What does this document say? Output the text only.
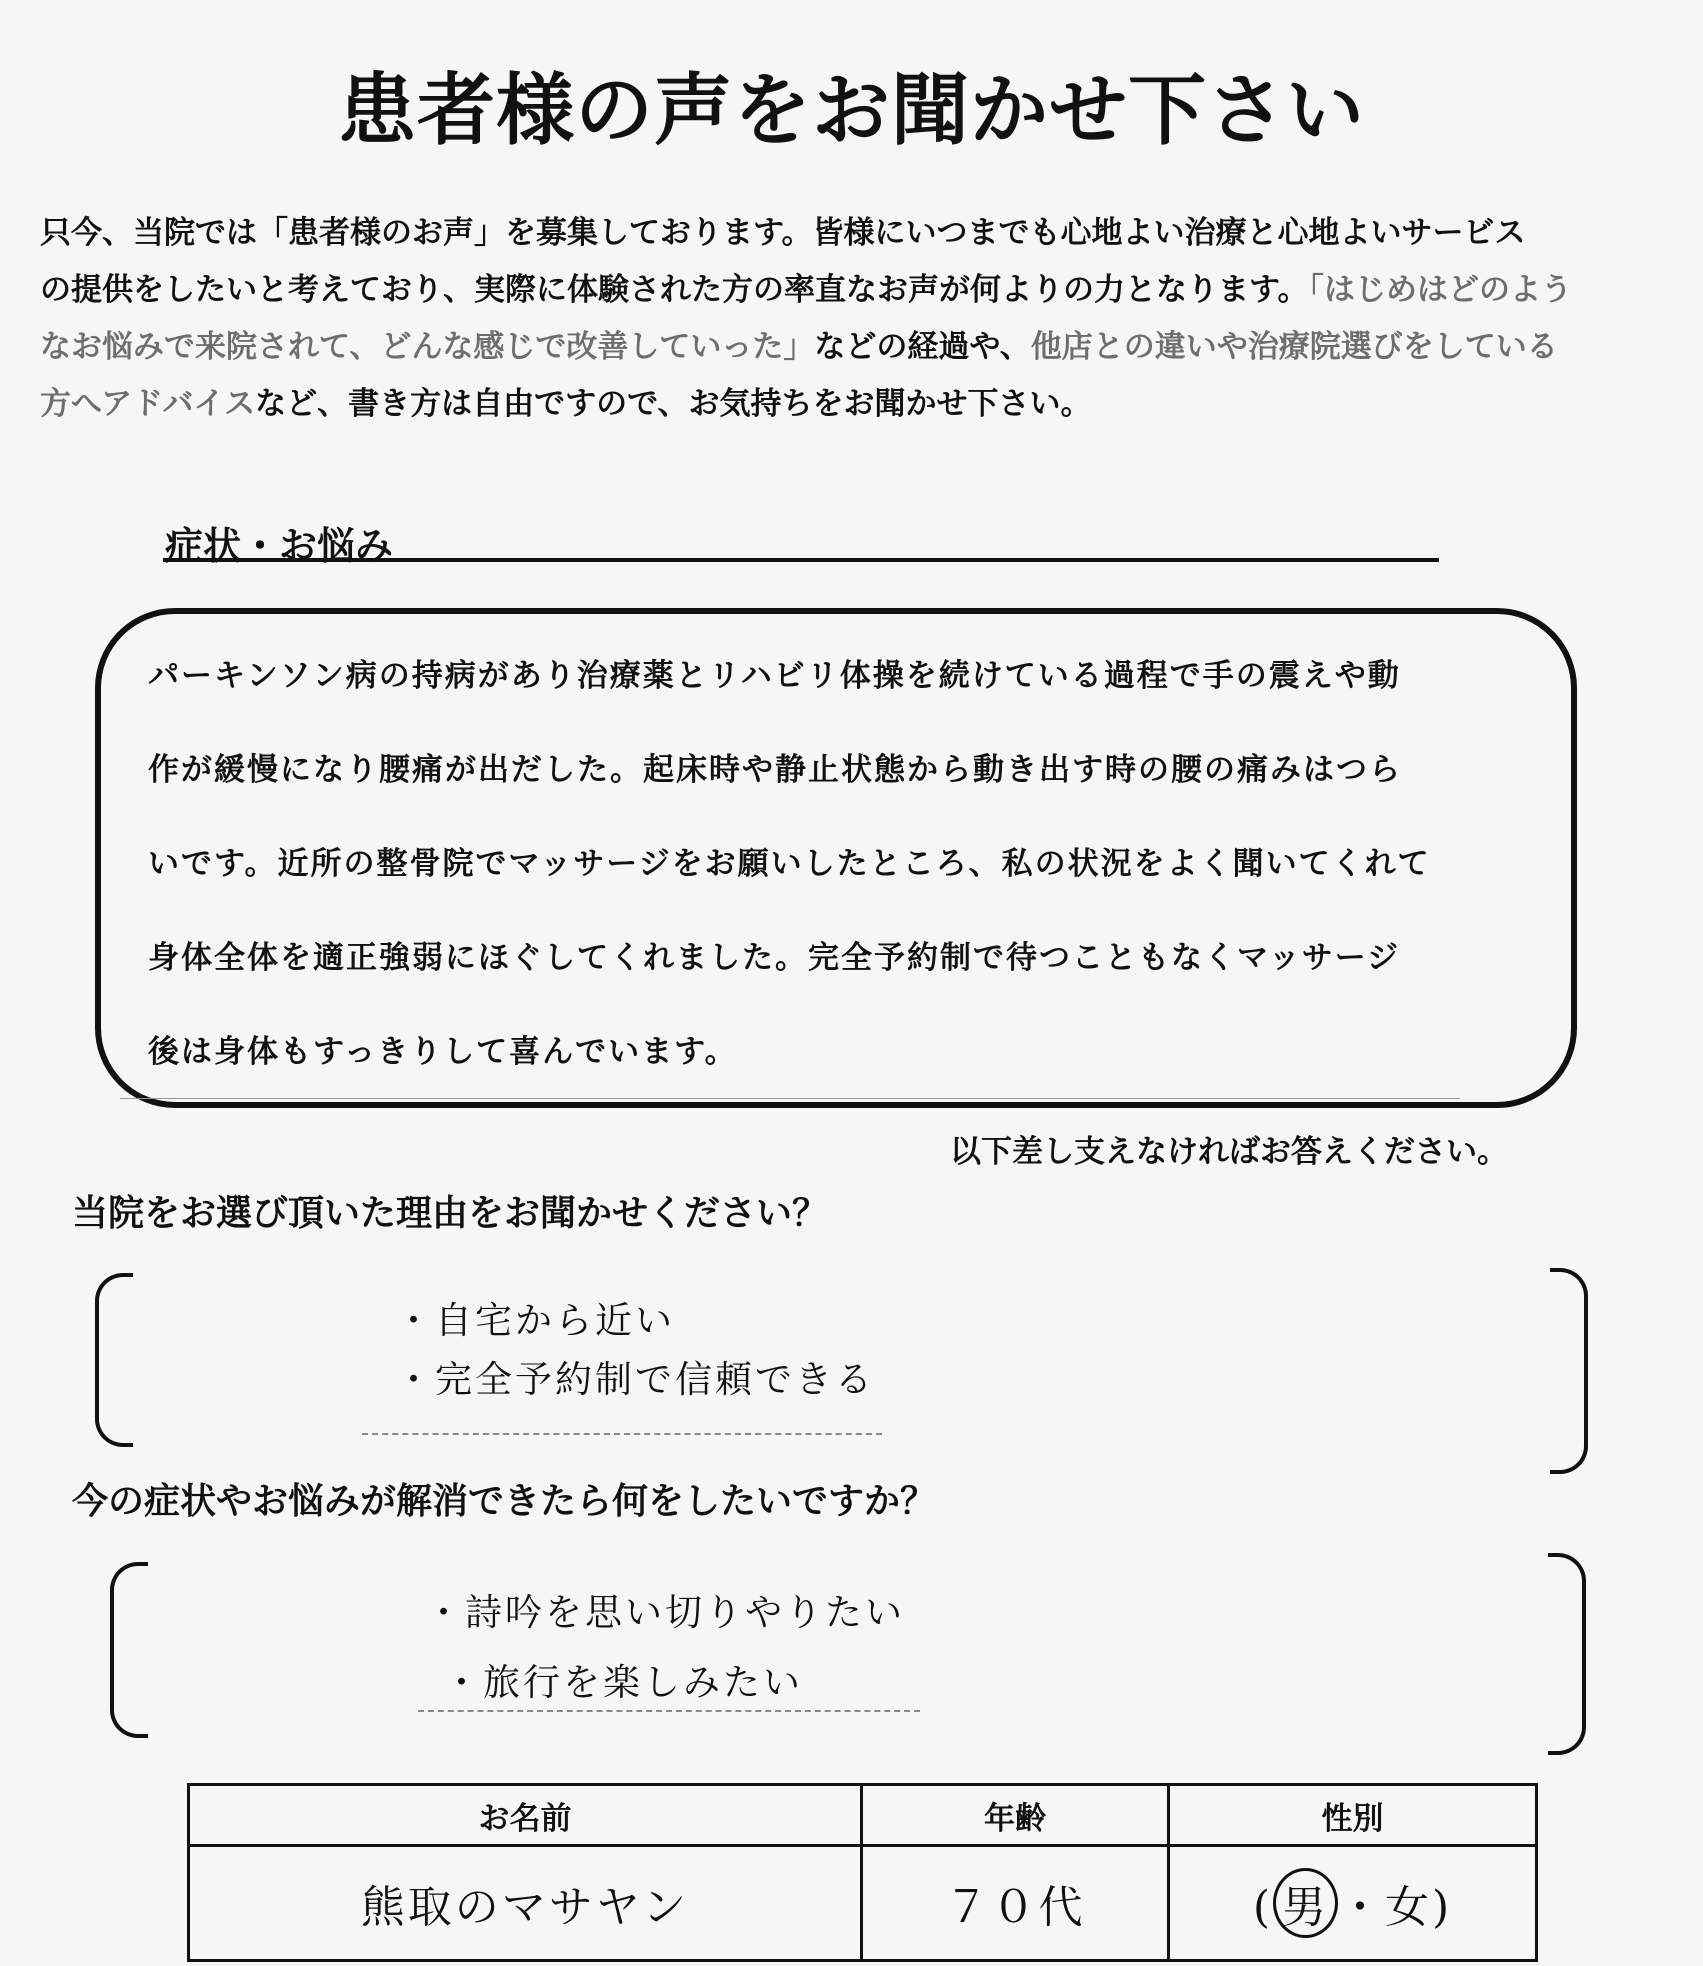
患者様の声をお聞かせ下さい

只今、当院では「患者様のお声」を募集しております。皆様にいつまでも心地よい治療と心地よいサービス

の提供をしたいと考えており、実際に体験された方の率直なお声が何よりの力となります。「はじめはどのよう

なお悩みで来院されて、どんな感じで改善していった」などの経過や、他店との違いや治療院選びをしている

方へアドバイスなど、書き方は自由ですので、お気持ちをお聞かせ下さい。

症状・お悩み
パーキンソン病の持病があり治療薬とリハビリ体操を続けている過程で手の震えや動
作が緩慢になり腰痛が出だした。起床時や静止状態から動き出す時の腰の痛みはつら
いです。近所の整骨院でマッサージをお願いしたところ、私の状況をよく聞いてくれて
身体全体を適正強弱にほぐしてくれました。完全予約制で待つこともなくマッサージ
後は身体もすっきりして喜んでいます。
以下差し支えなければお答えください。
当院をお選び頂いた理由をお聞かせください？
・自宅から近い
・完全予約制で信頼できる
今の症状やお悩みが解消できたら何をしたいですか？
・詩吟を思い切りやりたい
・旅行を楽しみたい
お名前	年齢	性別
熊取のマサヤン	７０代	( 男 ・女)
